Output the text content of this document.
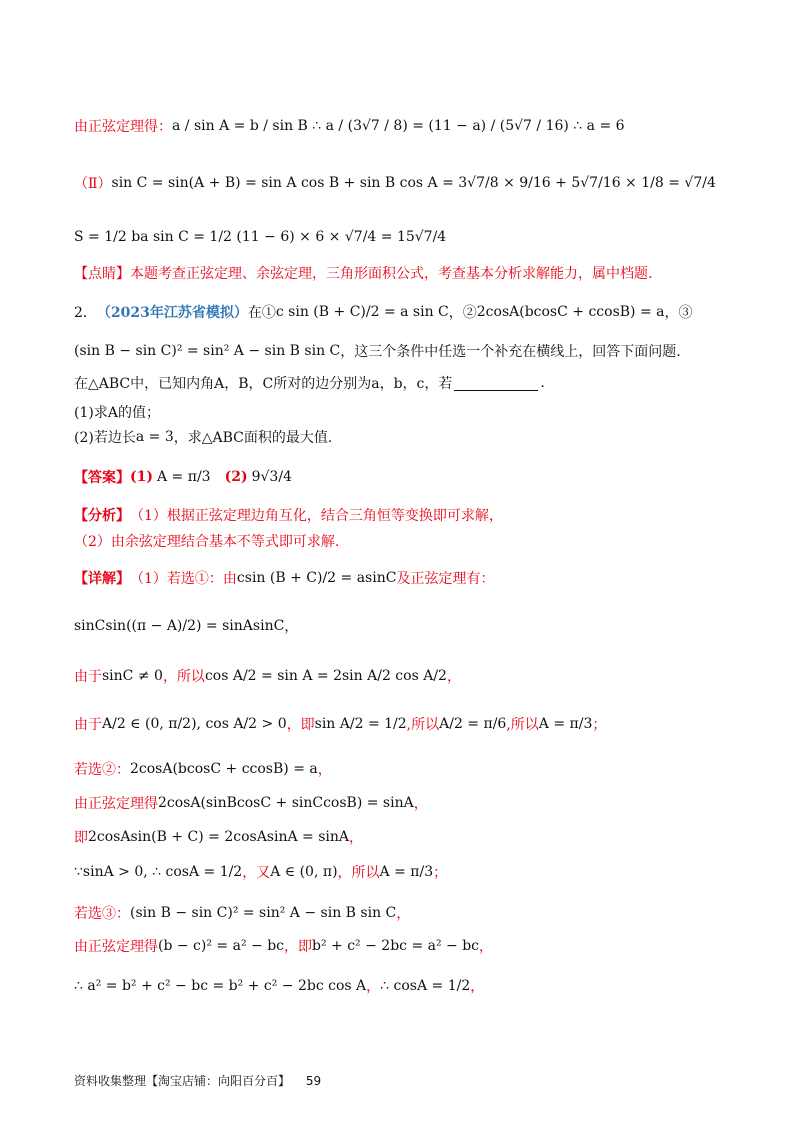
由正弦定理得： a / sin A = b / sin B ∴ a / (3√7 / 8) = (11 − a) / (5√7 / 16) ∴ a = 6
（Ⅱ） sin C = sin(A + B) = sin A cos B + sin B cos A = 3√7/8 × 9/16 + 5√7/16 × 1/8 = √7/4
S = 1/2 ba sin C = 1/2 (11 − 6) × 6 × √7/4 = 15√7/4
【点睛】本题考查正弦定理、余弦定理，三角形面积公式，考查基本分析求解能力，属中档题.
2． （2023年江苏省模拟） 在① c sin (B + C)/2 = a sin C ，② 2cosA(bcosC + ccosB) = a ，③
(sin B − sin C)² = sin² A − sin B sin C ，这三个条件中任选一个补充在横线上，回答下面问题.
在△ABC中，已知内角A，B，C所对的边分别为a，b，c，若	.
(1)求A的值；
(2)若边长 a = 3 ，求△ABC面积的最大值.
【答案】 (1) A = π/3 (2) 9√3/4
【分析】 （1）根据正弦定理边角互化，结合三角恒等变换即可求解，
（2）由余弦定理结合基本不等式即可求解.
【详解】 （1）若选①：由 csin (B + C)/2 = asinC 及正弦定理有：
sinCsin((π − A)/2) = sinAsinC ，
由于 sinC ≠ 0 ，所以 cos A/2 = sin A = 2sin A/2 cos A/2 ，
由于 A/2 ∈ (0, π/2), cos A/2 > 0 ，即 sin A/2 = 1/2 ,所以 A/2 = π/6 ,所以 A = π/3 ；
若选②： 2cosA(bcosC + ccosB) = a ，
由正弦定理得 2cosA(sinBcosC + sinCcosB) = sinA ，
即 2cosAsin(B + C) = 2cosAsinA = sinA ，
∵sinA > 0, ∴ cosA = 1/2 ，又 A ∈ (0, π) ，所以 A = π/3 ；
若选③： (sin B − sin C)² = sin² A − sin B sin C ，
由正弦定理得 (b − c)² = a² − bc ，即 b² + c² − 2bc = a² − bc ，
∴ a² = b² + c² − bc = b² + c² − 2bc cos A ， ∴ cosA = 1/2 ，
资料收集整理【淘宝店铺：向阳百分百】 59
